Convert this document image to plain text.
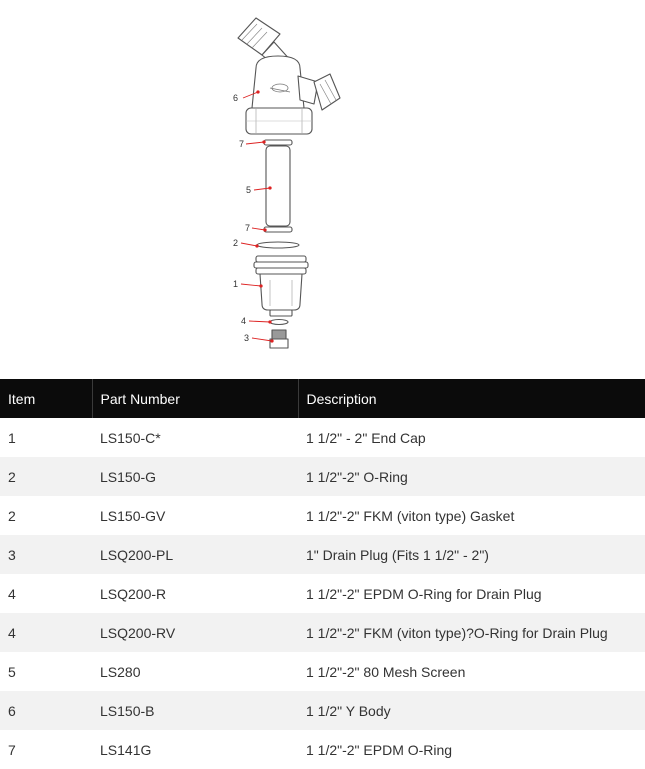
6
7
5
7
2
1
4
3
Item	Part Number	Description
1	LS150-C*	1 1/2" - 2" End Cap
2	LS150-G	1 1/2"-2" O-Ring
2	LS150-GV	1 1/2"-2" FKM (viton type) Gasket
3	LSQ200-PL	1" Drain Plug (Fits 1 1/2" - 2")
4	LSQ200-R	1 1/2"-2" EPDM O-Ring for Drain Plug
4	LSQ200-RV	1 1/2"-2" FKM (viton type)?O-Ring for Drain Plug
5	LS280	1 1/2"-2" 80 Mesh Screen
6	LS150-B	1 1/2" Y Body
7	LS141G	1 1/2"-2" EPDM O-Ring
